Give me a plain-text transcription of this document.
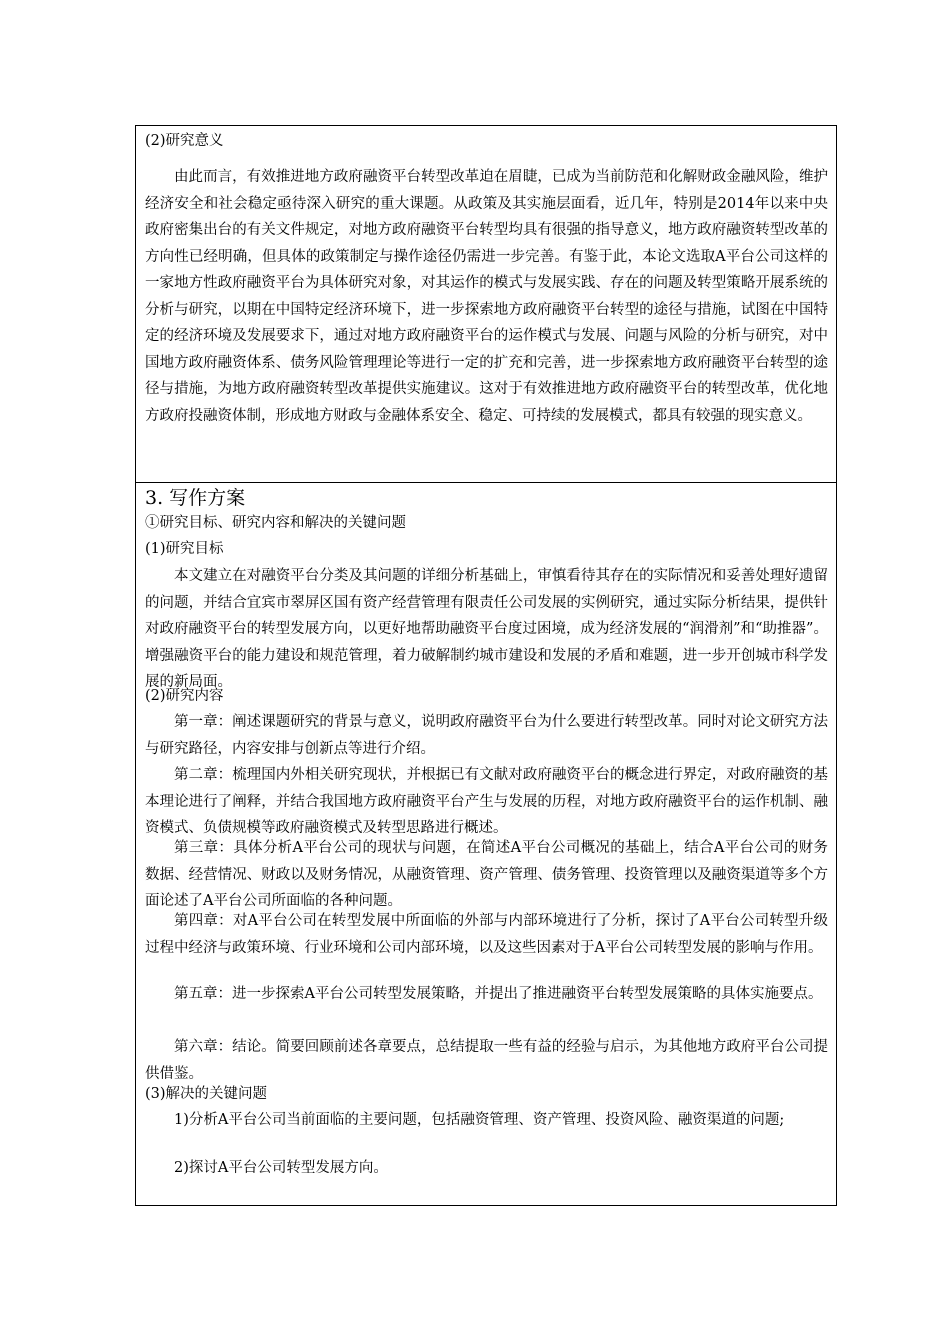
(2)研究意义

由此而言，有效推进地方政府融资平台转型改革迫在眉睫，已成为当前防范和化解财政金融风险，维护经济安全和社会稳定亟待深入研究的重大课题。从政策及其实施层面看，近几年，特别是2014年以来中央政府密集出台的有关文件规定，对地方政府融资平台转型均具有很强的指导意义，地方政府融资转型改革的方向性已经明确，但具体的政策制定与操作途径仍需进一步完善。有鉴于此，本论文选取A平台公司这样的一家地方性政府融资平台为具体研究对象，对其运作的模式与发展实践、存在的问题及转型策略开展系统的分析与研究，以期在中国特定经济环境下，进一步探索地方政府融资平台转型的途径与措施，试图在中国特定的经济环境及发展要求下，通过对地方政府融资平台的运作模式与发展、问题与风险的分析与研究，对中国地方政府融资体系、债务风险管理理论等进行一定的扩充和完善，进一步探索地方政府融资平台转型的途径与措施，为地方政府融资转型改革提供实施建议。这对于有效推进地方政府融资平台的转型改革，优化地方政府投融资体制，形成地方财政与金融体系安全、稳定、可持续的发展模式，都具有较强的现实意义。

3. 写作方案
①研究目标、研究内容和解决的关键问题
(1)研究目标

本文建立在对融资平台分类及其问题的详细分析基础上，审慎看待其存在的实际情况和妥善处理好遗留的问题，并结合宜宾市翠屏区国有资产经营管理有限责任公司发展的实例研究，通过实际分析结果，提供针对政府融资平台的转型发展方向，以更好地帮助融资平台度过困境，成为经济发展的“润滑剂”和“助推器”。增强融资平台的能力建设和规范管理，着力破解制约城市建设和发展的矛盾和难题，进一步开创城市科学发展的新局面。

(2)研究内容

第一章：阐述课题研究的背景与意义，说明政府融资平台为什么要进行转型改革。同时对论文研究方法与研究路径，内容安排与创新点等进行介绍。

第二章：梳理国内外相关研究现状，并根据已有文献对政府融资平台的概念进行界定，对政府融资的基本理论进行了阐释，并结合我国地方政府融资平台产生与发展的历程，对地方政府融资平台的运作机制、融资模式、负债规模等政府融资模式及转型思路进行概述。

第三章：具体分析A平台公司的现状与问题，在简述A平台公司概况的基础上，结合A平台公司的财务数据、经营情况、财政以及财务情况，从融资管理、资产管理、债务管理、投资管理以及融资渠道等多个方面论述了A平台公司所面临的各种问题。

第四章：对A平台公司在转型发展中所面临的外部与内部环境进行了分析，探讨了A平台公司转型升级过程中经济与政策环境、行业环境和公司内部环境，以及这些因素对于A平台公司转型发展的影响与作用。

第五章：进一步探索A平台公司转型发展策略，并提出了推进融资平台转型发展策略的具体实施要点。

第六章：结论。简要回顾前述各章要点，总结提取一些有益的经验与启示，为其他地方政府平台公司提供借鉴。

(3)解决的关键问题

1)分析A平台公司当前面临的主要问题，包括融资管理、资产管理、投资风险、融资渠道的问题;

2)探讨A平台公司转型发展方向。
